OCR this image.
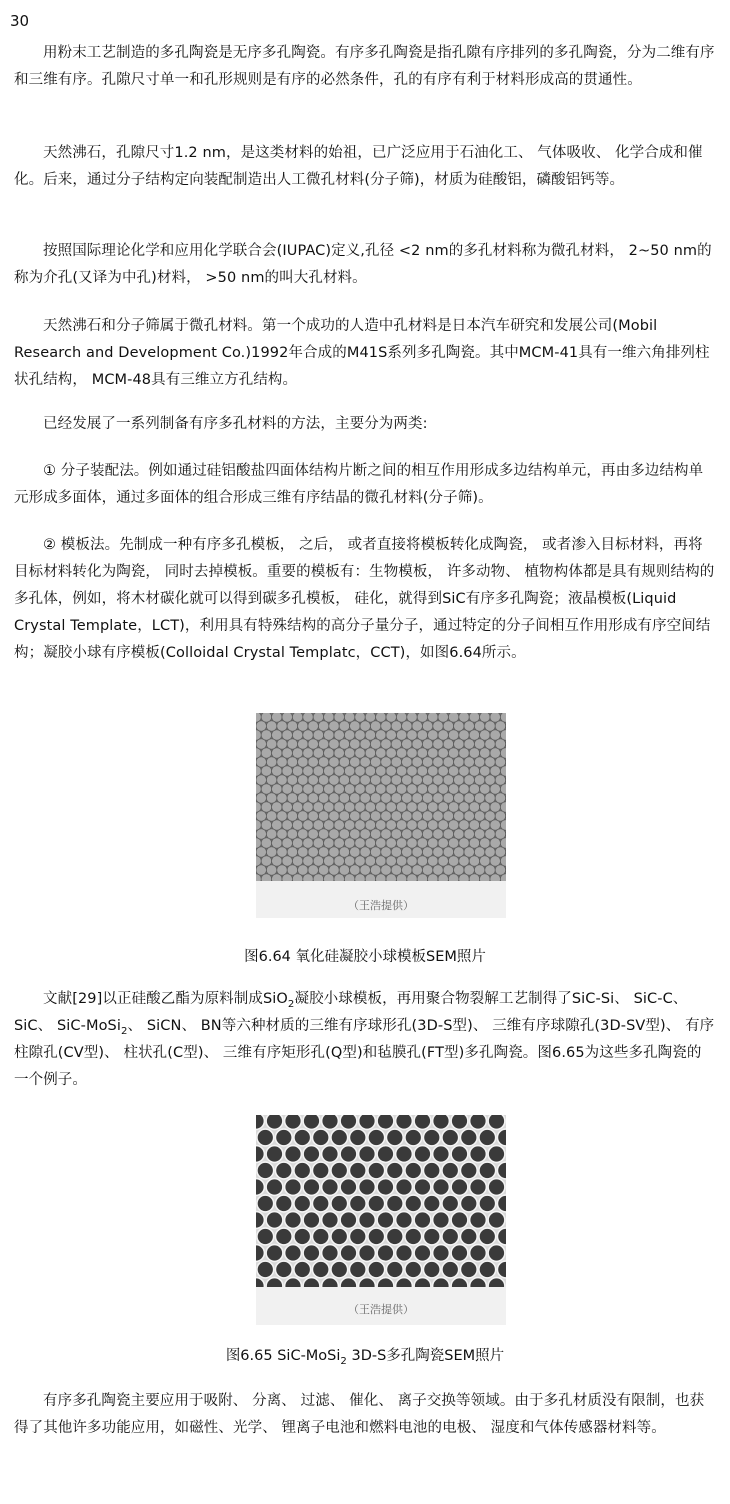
30

用粉末工艺制造的多孔陶瓷是无序多孔陶瓷。有序多孔陶瓷是指孔隙有序排列的多孔陶瓷，分为二维有序和三维有序。孔隙尺寸单一和孔形规则是有序的必然条件，孔的有序有利于材料形成高的贯通性。

天然沸石，孔隙尺寸1.2 nm，是这类材料的始祖，已广泛应用于石油化工、 气体吸收、 化学合成和催化。后来，通过分子结构定向装配制造出人工微孔材料(分子筛)，材质为硅酸铝，磷酸铝钙等。

按照国际理论化学和应用化学联合会(IUPAC)定义,孔径 <2 nm的多孔材料称为微孔材料， 2~50 nm的称为介孔(又译为中孔)材料， >50 nm的叫大孔材料。

天然沸石和分子筛属于微孔材料。第一个成功的人造中孔材料是日本汽车研究和发展公司(Mobil Research and Development Co.)1992年合成的M41S系列多孔陶瓷。其中MCM-41具有一维六角排列柱状孔结构， MCM-48具有三维立方孔结构。

已经发展了一系列制备有序多孔材料的方法，主要分为两类:

① 分子装配法。例如通过硅铝酸盐四面体结构片断之间的相互作用形成多边结构单元，再由多边结构单元形成多面体，通过多面体的组合形成三维有序结晶的微孔材料(分子筛)。

② 模板法。先制成一种有序多孔模板， 之后， 或者直接将模板转化成陶瓷， 或者渗入目标材料，再将目标材料转化为陶瓷， 同时去掉模板。重要的模板有：生物模板， 许多动物、 植物构体都是具有规则结构的多孔体，例如，将木材碳化就可以得到碳多孔模板， 硅化，就得到SiC有序多孔陶瓷；液晶模板(Liquid Crystal Template，LCT)，利用具有特殊结构的高分子量分子，通过特定的分子间相互作用形成有序空间结构；凝胶小球有序模板(Colloidal Crystal Templatc，CCT)，如图6.64所示。

（王浩提供）
图6.64 氧化硅凝胶小球模板SEM照片

文献[29]以正硅酸乙酯为原料制成SiO$_2$凝胶小球模板，再用聚合物裂解工艺制得了SiC-Si、 SiC-C、 SiC、 SiC-MoSi$_2$、 SiCN、 BN等六种材质的三维有序球形孔(3D-S型)、 三维有序球隙孔(3D-SV型)、 有序柱隙孔(CV型)、 柱状孔(C型)、 三维有序矩形孔(Q型)和毡膜孔(FT型)多孔陶瓷。图6.65为这些多孔陶瓷的一个例子。

（王浩提供）
图6.65 SiC-MoSi$_2$ 3D-S多孔陶瓷SEM照片

有序多孔陶瓷主要应用于吸附、 分离、 过滤、 催化、 离子交换等领域。由于多孔材质没有限制，也获得了其他许多功能应用，如磁性、光学、 锂离子电池和燃料电池的电极、 湿度和气体传感器材料等。
